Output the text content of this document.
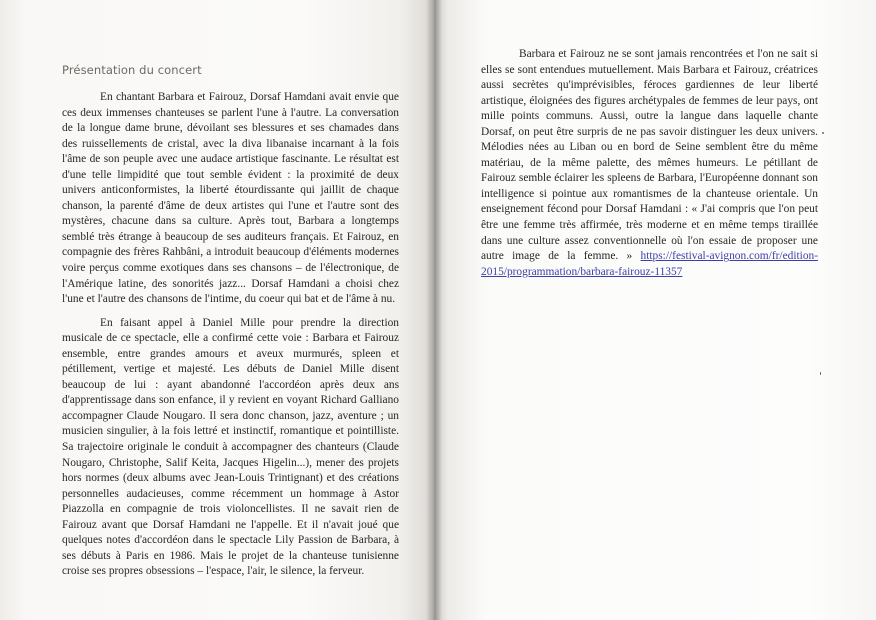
Présentation du concert

En chantant Barbara et Fairouz, Dorsaf Hamdani avait envie que ces deux immenses chanteuses se parlent l'une à l'autre. La conversation de la longue dame brune, dévoilant ses blessures et ses chamades dans des ruissellements de cristal, avec la diva libanaise incarnant à la fois l'âme de son peuple avec une audace artistique fascinante. Le résultat est d'une telle limpidité que tout semble évident : la proximité de deux univers anticonformistes, la liberté étourdissante qui jaillit de chaque chanson, la parenté d'âme de deux artistes qui l'une et l'autre sont des mystères, chacune dans sa culture. Après tout, Barbara a longtemps semblé très étrange à beaucoup de ses auditeurs français. Et Fairouz, en compagnie des frères Rahbâni, a introduit beaucoup d'éléments modernes voire perçus comme exotiques dans ses chansons – de l'électronique, de l'Amérique latine, des sonorités jazz... Dorsaf Hamdani a choisi chez l'une et l'autre des chansons de l'intime, du coeur qui bat et de l'âme à nu.

En faisant appel à Daniel Mille pour prendre la direction musicale de ce spectacle, elle a confirmé cette voie : Barbara et Fairouz ensemble, entre grandes amours et aveux murmurés, spleen et pétillement, vertige et majesté. Les débuts de Daniel Mille disent beaucoup de lui : ayant abandonné l'accordéon après deux ans d'apprentissage dans son enfance, il y revient en voyant Richard Galliano accompagner Claude Nougaro. Il sera donc chanson, jazz, aventure ; un musicien singulier, à la fois lettré et instinctif, romantique et pointilliste. Sa trajectoire originale le conduit à accompagner des chanteurs (Claude Nougaro, Christophe, Salif Keita, Jacques Higelin...), mener des projets hors normes (deux albums avec Jean-Louis Trintignant) et des créations personnelles audacieuses, comme récemment un hommage à Astor Piazzolla en compagnie de trois violoncellistes. Il ne savait rien de Fairouz avant que Dorsaf Hamdani ne l'appelle. Et il n'avait joué que quelques notes d'accordéon dans le spectacle Lily Passion de Barbara, à ses débuts à Paris en 1986. Mais le projet de la chanteuse tunisienne croise ses propres obsessions – l'espace, l'air, le silence, la ferveur.

Barbara et Fairouz ne se sont jamais rencontrées et l'on ne sait si elles se sont entendues mutuellement. Mais Barbara et Fairouz, créatrices aussi secrètes qu'imprévisibles, féroces gardiennes de leur liberté artistique, éloignées des figures archétypales de femmes de leur pays, ont mille points communs. Aussi, outre la langue dans laquelle chante Dorsaf, on peut être surpris de ne pas savoir distinguer les deux univers. Mélodies nées au Liban ou en bord de Seine semblent être du même matériau, de la même palette, des mêmes humeurs. Le pétillant de Fairouz semble éclairer les spleens de Barbara, l'Européenne donnant son intelligence si pointue aux romantismes de la chanteuse orientale. Un enseignement fécond pour Dorsaf Hamdani : « J'ai compris que l'on peut être une femme très affirmée, très moderne et en même temps tiraillée dans une culture assez conventionnelle où l'on essaie de proposer une autre image de la femme. » https://festival-avignon.com/fr/edition-2015/programmation/barbara-fairouz-11357
